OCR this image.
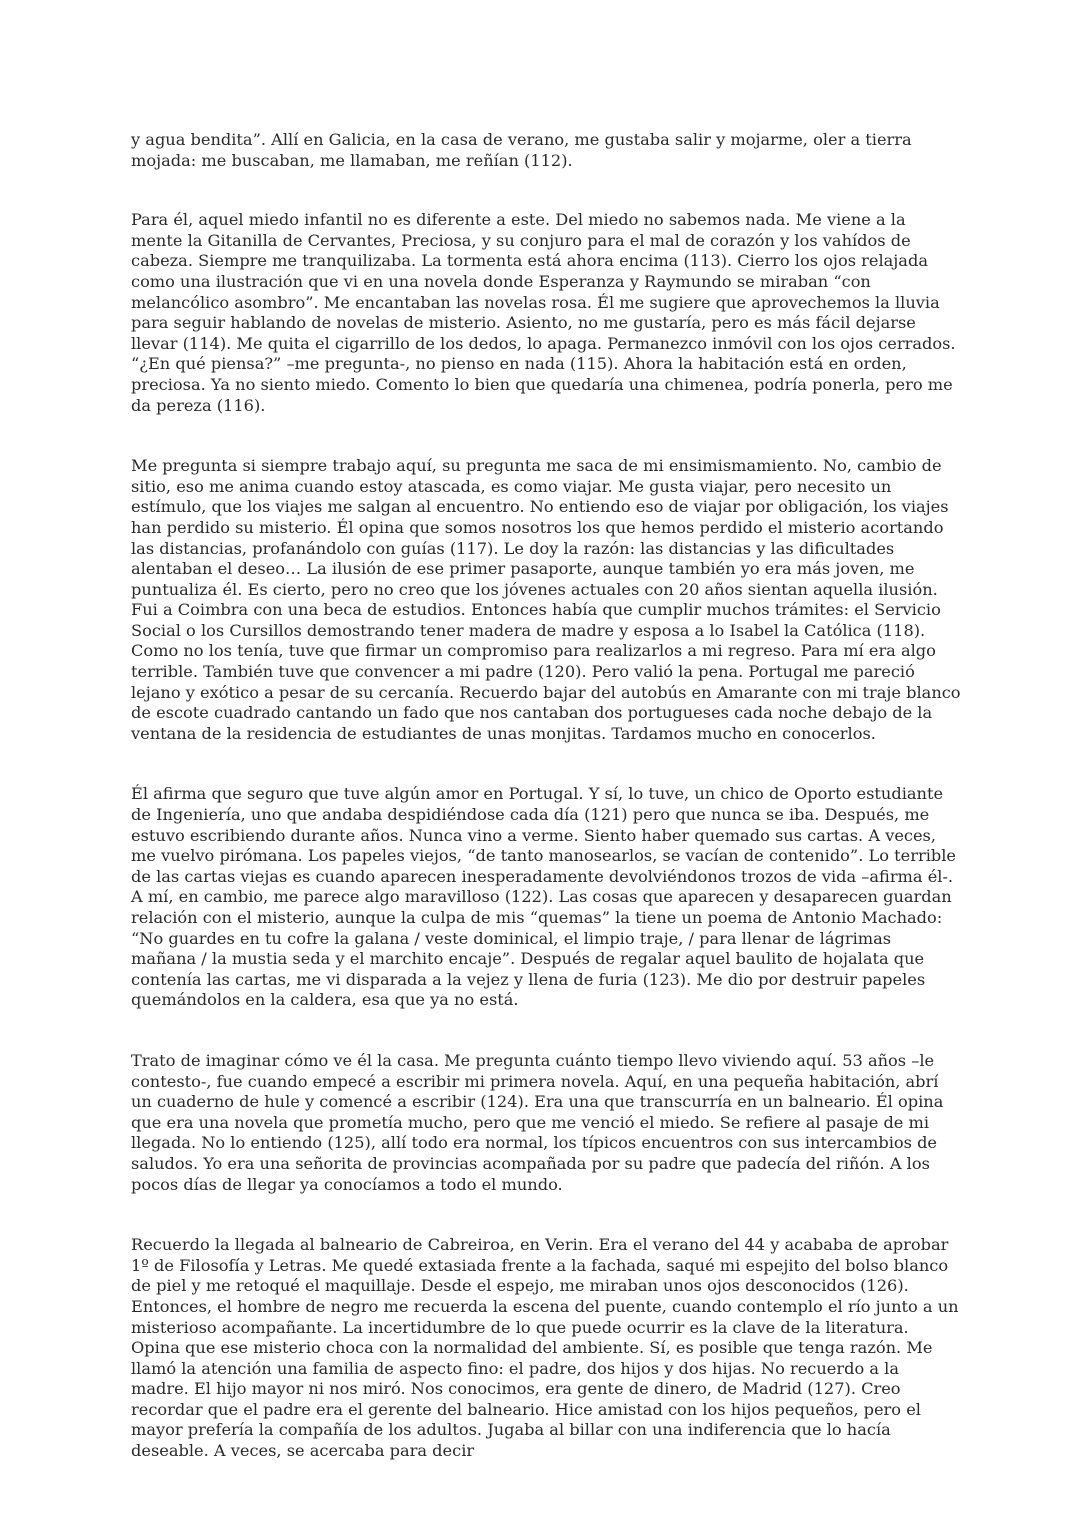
y agua bendita”. Allí en Galicia, en la casa de verano, me gustaba salir y mojarme, oler a tierra mojada: me buscaban, me llamaban, me reñían (112).

Para él, aquel miedo infantil no es diferente a este. Del miedo no sabemos nada. Me viene a la mente la Gitanilla de Cervantes, Preciosa, y su conjuro para el mal de corazón y los vahídos de cabeza. Siempre me tranquilizaba. La tormenta está ahora encima (113). Cierro los ojos relajada como una ilustración que vi en una novela donde Esperanza y Raymundo se miraban “con melancólico asombro”. Me encantaban las novelas rosa. Él me sugiere que aprovechemos la lluvia para seguir hablando de novelas de misterio. Asiento, no me gustaría, pero es más fácil dejarse llevar (114). Me quita el cigarrillo de los dedos, lo apaga. Permanezco inmóvil con los ojos cerrados. “¿En qué piensa?” –me pregunta-, no pienso en nada (115). Ahora la habitación está en orden, preciosa. Ya no siento miedo. Comento lo bien que quedaría una chimenea, podría ponerla, pero me da pereza (116).

Me pregunta si siempre trabajo aquí, su pregunta me saca de mi ensimismamiento. No, cambio de sitio, eso me anima cuando estoy atascada, es como viajar. Me gusta viajar, pero necesito un estímulo, que los viajes me salgan al encuentro. No entiendo eso de viajar por obligación, los viajes han perdido su misterio. Él opina que somos nosotros los que hemos perdido el misterio acortando las distancias, profanándolo con guías (117). Le doy la razón: las distancias y las dificultades alentaban el deseo… La ilusión de ese primer pasaporte, aunque también yo era más joven, me puntualiza él. Es cierto, pero no creo que los jóvenes actuales con 20 años sientan aquella ilusión. Fui a Coimbra con una beca de estudios. Entonces había que cumplir muchos trámites: el Servicio Social o los Cursillos demostrando tener madera de madre y esposa a lo Isabel la Católica (118). Como no los tenía, tuve que firmar un compromiso para realizarlos a mi regreso. Para mí era algo terrible. También tuve que convencer a mi padre (120). Pero valió la pena. Portugal me pareció lejano y exótico a pesar de su cercanía. Recuerdo bajar del autobús en Amarante con mi traje blanco de escote cuadrado cantando un fado que nos cantaban dos portugueses cada noche debajo de la ventana de la residencia de estudiantes de unas monjitas. Tardamos mucho en conocerlos.

Él afirma que seguro que tuve algún amor en Portugal. Y sí, lo tuve, un chico de Oporto estudiante de Ingeniería, uno que andaba despidiéndose cada día (121) pero que nunca se iba. Después, me estuvo escribiendo durante años. Nunca vino a verme. Siento haber quemado sus cartas. A veces, me vuelvo pirómana. Los papeles viejos, “de tanto manosearlos, se vacían de contenido”. Lo terrible de las cartas viejas es cuando aparecen inesperadamente devolviéndonos trozos de vida –afirma él-. A mí, en cambio, me parece algo maravilloso (122). Las cosas que aparecen y desaparecen guardan relación con el misterio, aunque la culpa de mis “quemas” la tiene un poema de Antonio Machado: “No guardes en tu cofre la galana / veste dominical, el limpio traje, / para llenar de lágrimas mañana / la mustia seda y el marchito encaje”. Después de regalar aquel baulito de hojalata que contenía las cartas, me vi disparada a la vejez y llena de furia (123). Me dio por destruir papeles quemándolos en la caldera, esa que ya no está.

Trato de imaginar cómo ve él la casa. Me pregunta cuánto tiempo llevo viviendo aquí. 53 años –le contesto-, fue cuando empecé a escribir mi primera novela. Aquí, en una pequeña habitación, abrí un cuaderno de hule y comencé a escribir (124). Era una que transcurría en un balneario. Él opina que era una novela que prometía mucho, pero que me venció el miedo. Se refiere al pasaje de mi llegada. No lo entiendo (125), allí todo era normal, los típicos encuentros con sus intercambios de saludos. Yo era una señorita de provincias acompañada por su padre que padecía del riñón. A los pocos días de llegar ya conocíamos a todo el mundo.

Recuerdo la llegada al balneario de Cabreiroa, en Verin. Era el verano del 44 y acababa de aprobar 1º de Filosofía y Letras. Me quedé extasiada frente a la fachada, saqué mi espejito del bolso blanco de piel y me retoqué el maquillaje. Desde el espejo, me miraban unos ojos desconocidos (126). Entonces, el hombre de negro me recuerda la escena del puente, cuando contemplo el río junto a un misterioso acompañante. La incertidumbre de lo que puede ocurrir es la clave de la literatura. Opina que ese misterio choca con la normalidad del ambiente. Sí, es posible que tenga razón. Me llamó la atención una familia de aspecto fino: el padre, dos hijos y dos hijas. No recuerdo a la madre. El hijo mayor ni nos miró. Nos conocimos, era gente de dinero, de Madrid (127). Creo recordar que el padre era el gerente del balneario. Hice amistad con los hijos pequeños, pero el mayor prefería la compañía de los adultos. Jugaba al billar con una indiferencia que lo hacía deseable. A veces, se acercaba para decir
